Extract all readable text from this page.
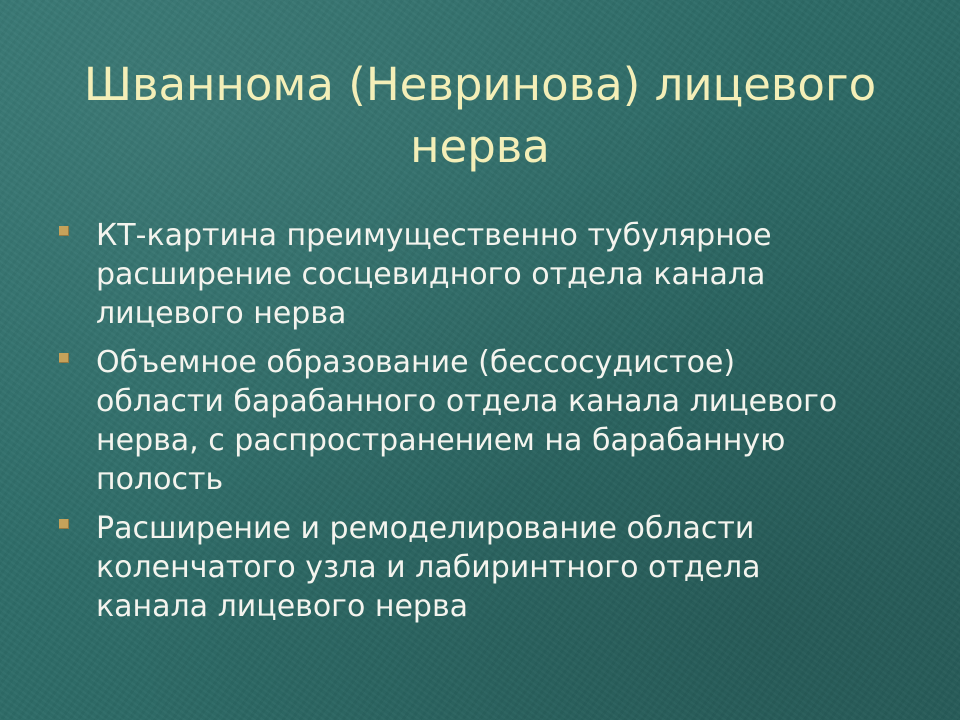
Шваннома (Невринова) лицевого
нерва
КТ-картина преимущественно тубулярное
расширение сосцевидного отдела канала
лицевого нерва
Объемное образование (бессосудистое)
области барабанного отдела канала лицевого
нерва, с распространением на барабанную
полость
Расширение и ремоделирование области
коленчатого узла и лабиринтного отдела
канала лицевого нерва
